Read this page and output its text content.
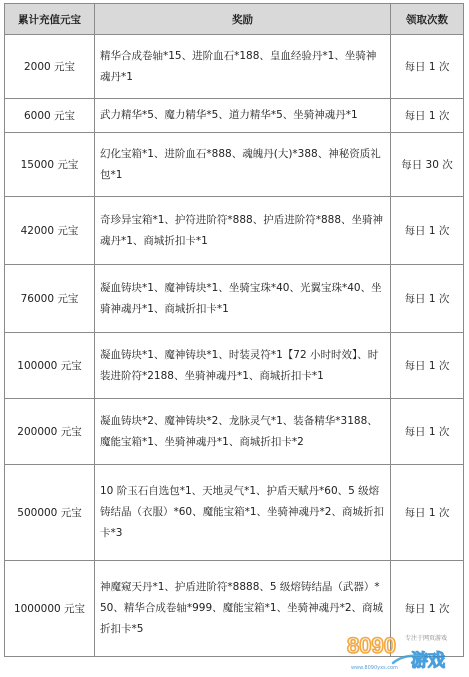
累计充值元宝	奖励	领取次数
2000 元宝	精华合成卷轴*15、进阶血石*188、皇血经验丹*1、坐骑神魂丹*1	每日 1 次
6000 元宝	武力精华*5、魔力精华*5、道力精华*5、坐骑神魂丹*1	每日 1 次
15000 元宝	幻化宝箱*1、进阶血石*888、魂魄丹(大)*388、神秘资质礼包*1	每日 30 次
42000 元宝	奇珍异宝箱*1、护符进阶符*888、护盾进阶符*888、坐骑神魂丹*1、商城折扣卡*1	每日 1 次
76000 元宝	凝血铸块*1、魔神铸块*1、坐骑宝珠*40、光翼宝珠*40、坐骑神魂丹*1、商城折扣卡*1	每日 1 次
100000 元宝	凝血铸块*1、魔神铸块*1、时装灵符*1【72 小时时效】、时装进阶符*2188、坐骑神魂丹*1、商城折扣卡*1	每日 1 次
200000 元宝	凝血铸块*2、魔神铸块*2、龙脉灵气*1、装备精华*3188、魔能宝箱*1、坐骑神魂丹*1、商城折扣卡*2	每日 1 次
500000 元宝	10 阶玉石自选包*1、天地灵气*1、护盾天赋丹*60、5 级熔铸结晶（衣服）*60、魔能宝箱*1、坐骑神魂丹*2、商城折扣卡*3	每日 1 次
1000000 元宝	神魔窥天丹*1、护盾进阶符*8888、5 级熔铸结晶（武器）*50、精华合成卷轴*999、魔能宝箱*1、坐骑神魂丹*2、商城折扣卡*5	每日 1 次
8090 专注于网页游戏
www.8090yxs.com 游戏
